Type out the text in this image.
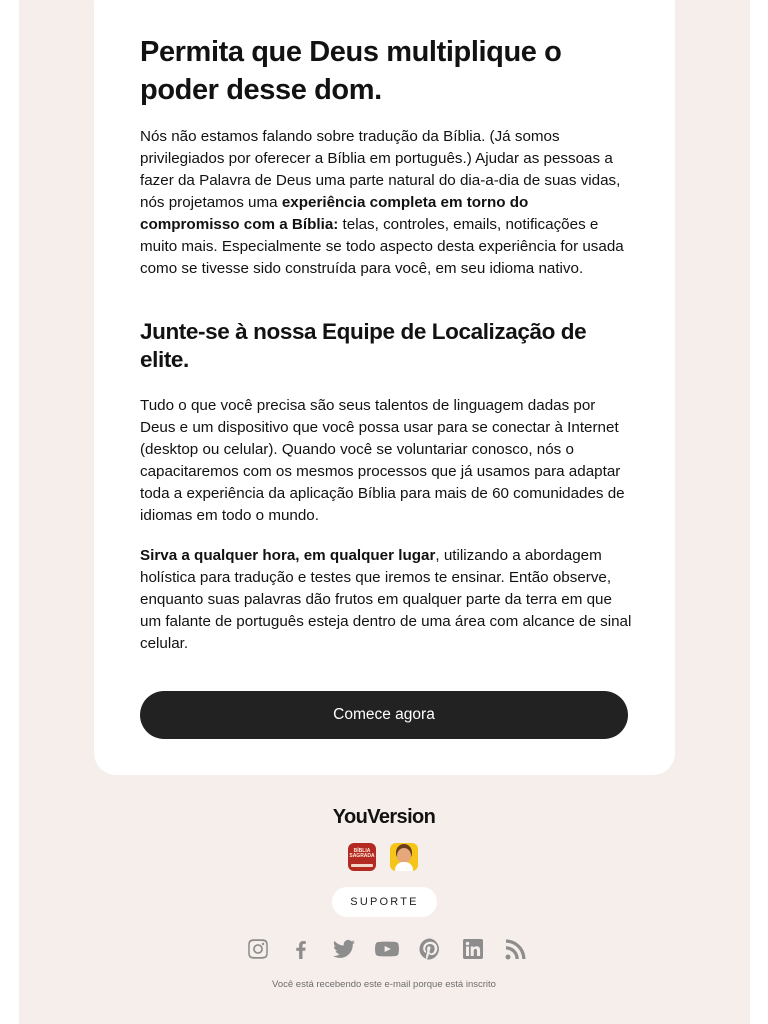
Permita que Deus multiplique o poder desse dom.

Nós não estamos falando sobre tradução da Bíblia. (Já somos privilegiados por oferecer a Bíblia em português.) Ajudar as pessoas a fazer da Palavra de Deus uma parte natural do dia-a-dia de suas vidas, nós projetamos uma experiência completa em torno do compromisso com a Bíblia: telas, controles, emails, notificações e muito mais. Especialmente se todo aspecto desta experiência for usada como se tivesse sido construída para você, em seu idioma nativo.

Junte-se à nossa Equipe de Localização de elite.

Tudo o que você precisa são seus talentos de linguagem dadas por Deus e um dispositivo que você possa usar para se conectar à Internet (desktop ou celular). Quando você se voluntariar conosco, nós o capacitaremos com os mesmos processos que já usamos para adaptar toda a experiência da aplicação Bíblia para mais de 60 comunidades de idiomas em todo o mundo.

Sirva a qualquer hora, em qualquer lugar, utilizando a abordagem holística para tradução e testes que iremos te ensinar. Então observe, enquanto suas palavras dão frutos em qualquer parte da terra em que um falante de português esteja dentro de uma área com alcance de sinal celular.

Comece agora
YouVersion
BÍBLIA SAGRADA
SUPORTE
Você está recebendo este e-mail porque está inscrito
